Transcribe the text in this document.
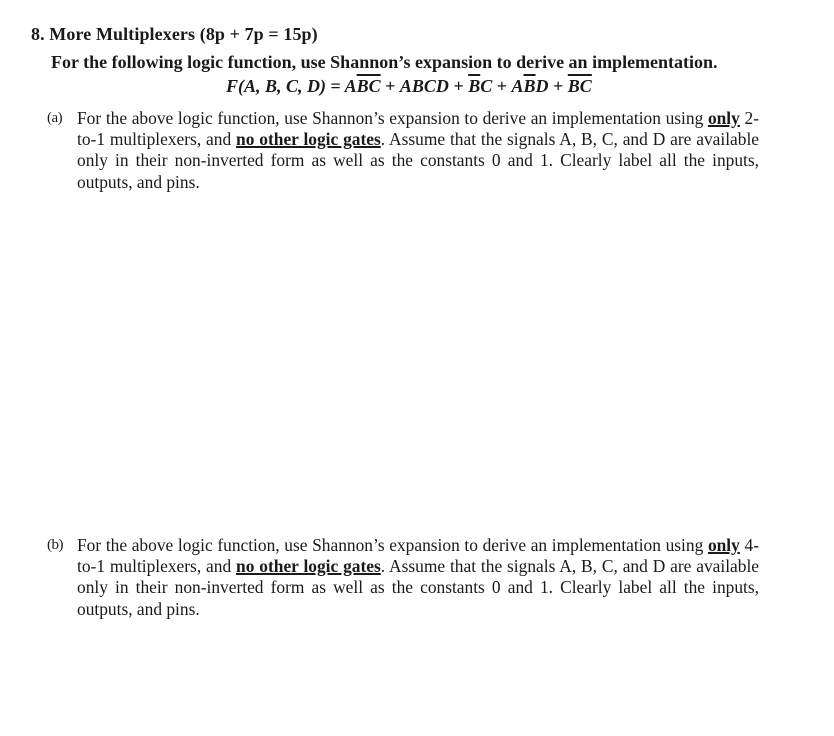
8. More Multiplexers (8p + 7p = 15p)
For the following logic function, use Shannon’s expansion to derive an implementation.
F(A, B, C, $D) = A\overline{BC}$ + ABCD + $\overline{B}C + A\overline{B}D + \overline{BC}$
(a) For the above logic function, use Shannon’s expansion to derive an implementation using only 2-to-1 multiplexers, and no other logic gates. Assume that the signals A, B, C, and D are available only in their non-inverted form as well as the constants 0 and 1. Clearly label all the inputs, outputs, and pins.
(b) For the above logic function, use Shannon’s expansion to derive an implementation using only 4-to-1 multiplexers, and no other logic gates. Assume that the signals A, B, C, and D are available only in their non-inverted form as well as the constants 0 and 1. Clearly label all the inputs, outputs, and pins.
